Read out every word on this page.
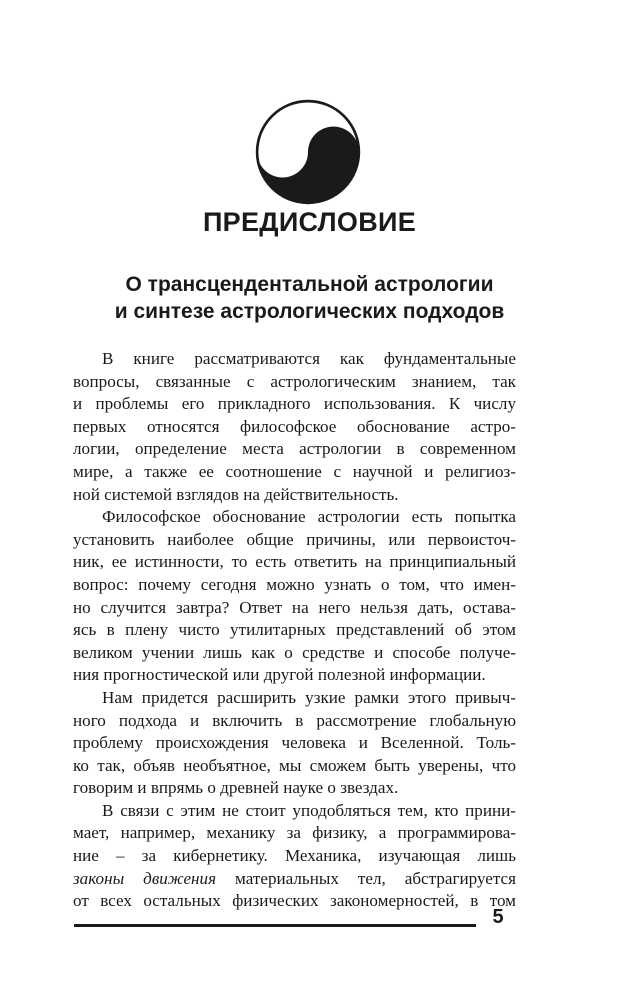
ПРЕДИСЛОВИЕ
О трансцендентальной астрологии
и синтезе астрологических подходов
В книге рассматриваются как фундаментальные
вопросы, связанные с астрологическим знанием, так
и проблемы его прикладного использования. К числу
первых относятся философское обоснование астро-
логии, определение места астрологии в современном
мире, а также ее соотношение с научной и религиоз-
ной системой взглядов на действительность.
Философское обоснование астрологии есть попытка
установить наиболее общие причины, или первоисточ-
ник, ее истинности, то есть ответить на принципиальный
вопрос: почему сегодня можно узнать о том, что имен-
но случится завтра? Ответ на него нельзя дать, остава-
ясь в плену чисто утилитарных представлений об этом
великом учении лишь как о средстве и способе получе-
ния прогностической или другой полезной информации.
Нам придется расширить узкие рамки этого привыч-
ного подхода и включить в рассмотрение глобальную
проблему происхождения человека и Вселенной. Толь-
ко так, объяв необъятное, мы сможем быть уверены, что
говорим и впрямь о древней науке о звездах.
В связи с этим не стоит уподобляться тем, кто прини-
мает, например, механику за физику, а программирова-
ние – за кибернетику. Механика, изучающая лишь
законы движения материальных тел, абстрагируется
от всех остальных физических закономерностей, в том
5
